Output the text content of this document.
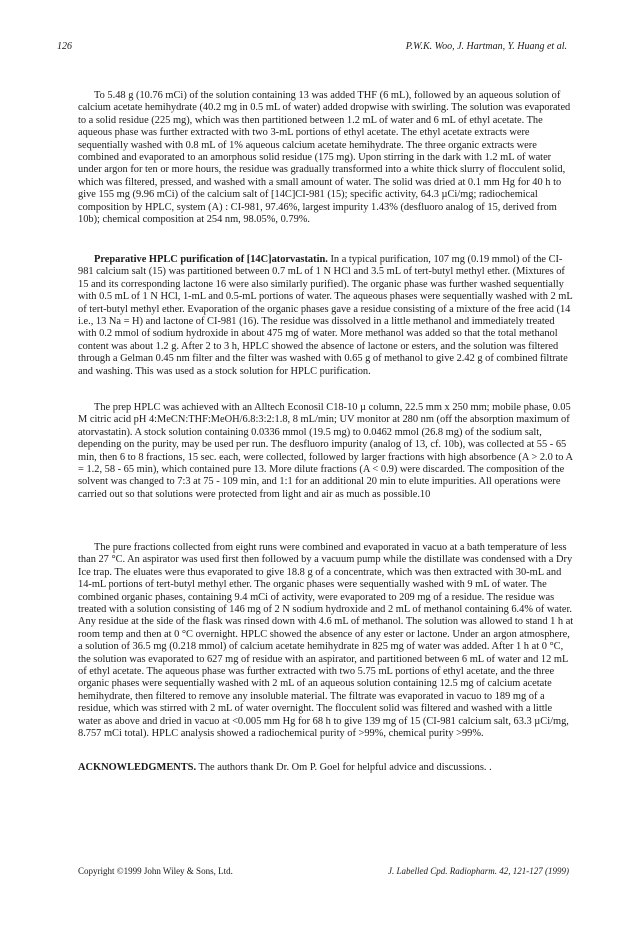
126	P.W.K. Woo, J. Hartman, Y. Huang et al.

To 5.48 g (10.76 mCi) of the solution containing 13 was added THF (6 mL), followed by an aqueous solution of calcium acetate hemihydrate (40.2 mg in 0.5 mL of water) added dropwise with swirling. The solution was evaporated to a solid residue (225 mg), which was then partitioned between 1.2 mL of water and 6 mL of ethyl acetate. The aqueous phase was further extracted with two 3-mL portions of ethyl acetate. The ethyl acetate extracts were sequentially washed with 0.8 mL of 1% aqueous calcium acetate hemihydrate. The three organic extracts were combined and evaporated to an amorphous solid residue (175 mg). Upon stirring in the dark with 1.2 mL of water under argon for ten or more hours, the residue was gradually transformed into a white thick slurry of flocculent solid, which was filtered, pressed, and washed with a small amount of water. The solid was dried at 0.1 mm Hg for 40 h to give 155 mg (9.96 mCi) of the calcium salt of [14C]CI-981 (15); specific activity, 64.3 µCi/mg; radiochemical composition by HPLC, system (A) : CI-981, 97.46%, largest impurity 1.43% (desfluoro analog of 15, derived from 10b); chemical composition at 254 nm, 98.05%, 0.79%.

Preparative HPLC purification of [14C]atorvastatin. In a typical purification, 107 mg (0.19 mmol) of the CI-981 calcium salt (15) was partitioned between 0.7 mL of 1 N HCl and 3.5 mL of tert-butyl methyl ether. (Mixtures of 15 and its corresponding lactone 16 were also similarly purified). The organic phase was further washed sequentially with 0.5 mL of 1 N HCl, 1-mL and 0.5-mL portions of water. The aqueous phases were sequentially washed with 2 mL of tert-butyl methyl ether. Evaporation of the organic phases gave a residue consisting of a mixture of the free acid (14 i.e., 13 Na = H) and lactone of CI-981 (16). The residue was dissolved in a little methanol and immediately treated with 0.2 mmol of sodium hydroxide in about 475 mg of water. More methanol was added so that the total methanol content was about 1.2 g. After 2 to 3 h, HPLC showed the absence of lactone or esters, and the solution was filtered through a Gelman 0.45 nm filter and the filter was washed with 0.65 g of methanol to give 2.42 g of combined filtrate and washing. This was used as a stock solution for HPLC purification.

The prep HPLC was achieved with an Alltech Econosil C18-10 µ column, 22.5 mm x 250 mm; mobile phase, 0.05 M citric acid pH 4:MeCN:THF:MeOH/6.8:3:2:1.8, 8 mL/min; UV monitor at 280 nm (off the absorption maximum of atorvastatin). A stock solution containing 0.0336 mmol (19.5 mg) to 0.0462 mmol (26.8 mg) of the sodium salt, depending on the purity, may be used per run. The desfluoro impurity (analog of 13, cf. 10b), was collected at 55 - 65 min, then 6 to 8 fractions, 15 sec. each, were collected, followed by larger fractions with high absorbence (A > 2.0 to A = 1.2, 58 - 65 min), which contained pure 13. More dilute fractions (A < 0.9) were discarded. The composition of the solvent was changed to 7:3 at 75 - 109 min, and 1:1 for an additional 20 min to elute impurities. All operations were carried out so that solutions were protected from light and air as much as possible.10

The pure fractions collected from eight runs were combined and evaporated in vacuo at a bath temperature of less than 27 °C. An aspirator was used first then followed by a vacuum pump while the distillate was condensed with a Dry Ice trap. The eluates were thus evaporated to give 18.8 g of a concentrate, which was then extracted with 30-mL and 14-mL portions of tert-butyl methyl ether. The organic phases were sequentially washed with 9 mL of water. The combined organic phases, containing 9.4 mCi of activity, were evaporated to 209 mg of a residue. The residue was treated with a solution consisting of 146 mg of 2 N sodium hydroxide and 2 mL of methanol containing 6.4% of water. Any residue at the side of the flask was rinsed down with 4.6 mL of methanol. The solution was allowed to stand 1 h at room temp and then at 0 °C overnight. HPLC showed the absence of any ester or lactone. Under an argon atmosphere, a solution of 36.5 mg (0.218 mmol) of calcium acetate hemihydrate in 825 mg of water was added. After 1 h at 0 °C, the solution was evaporated to 627 mg of residue with an aspirator, and partitioned between 6 mL of water and 12 mL of ethyl acetate. The aqueous phase was further extracted with two 5.75 mL portions of ethyl acetate, and the three organic phases were sequentially washed with 2 mL of an aqueous solution containing 12.5 mg of calcium acetate hemihydrate, then filtered to remove any insoluble material. The filtrate was evaporated in vacuo to 189 mg of a residue, which was stirred with 2 mL of water overnight. The flocculent solid was filtered and washed with a little water as above and dried in vacuo at <0.005 mm Hg for 68 h to give 139 mg of 15 (CI-981 calcium salt, 63.3 µCi/mg, 8.757 mCi total). HPLC analysis showed a radiochemical purity of >99%, chemical purity >99%.

ACKNOWLEDGMENTS. The authors thank Dr. Om P. Goel for helpful advice and discussions. .

Copyright ©1999 John Wiley & Sons, Ltd.	J. Labelled Cpd. Radiopharm. 42, 121-127 (1999)
